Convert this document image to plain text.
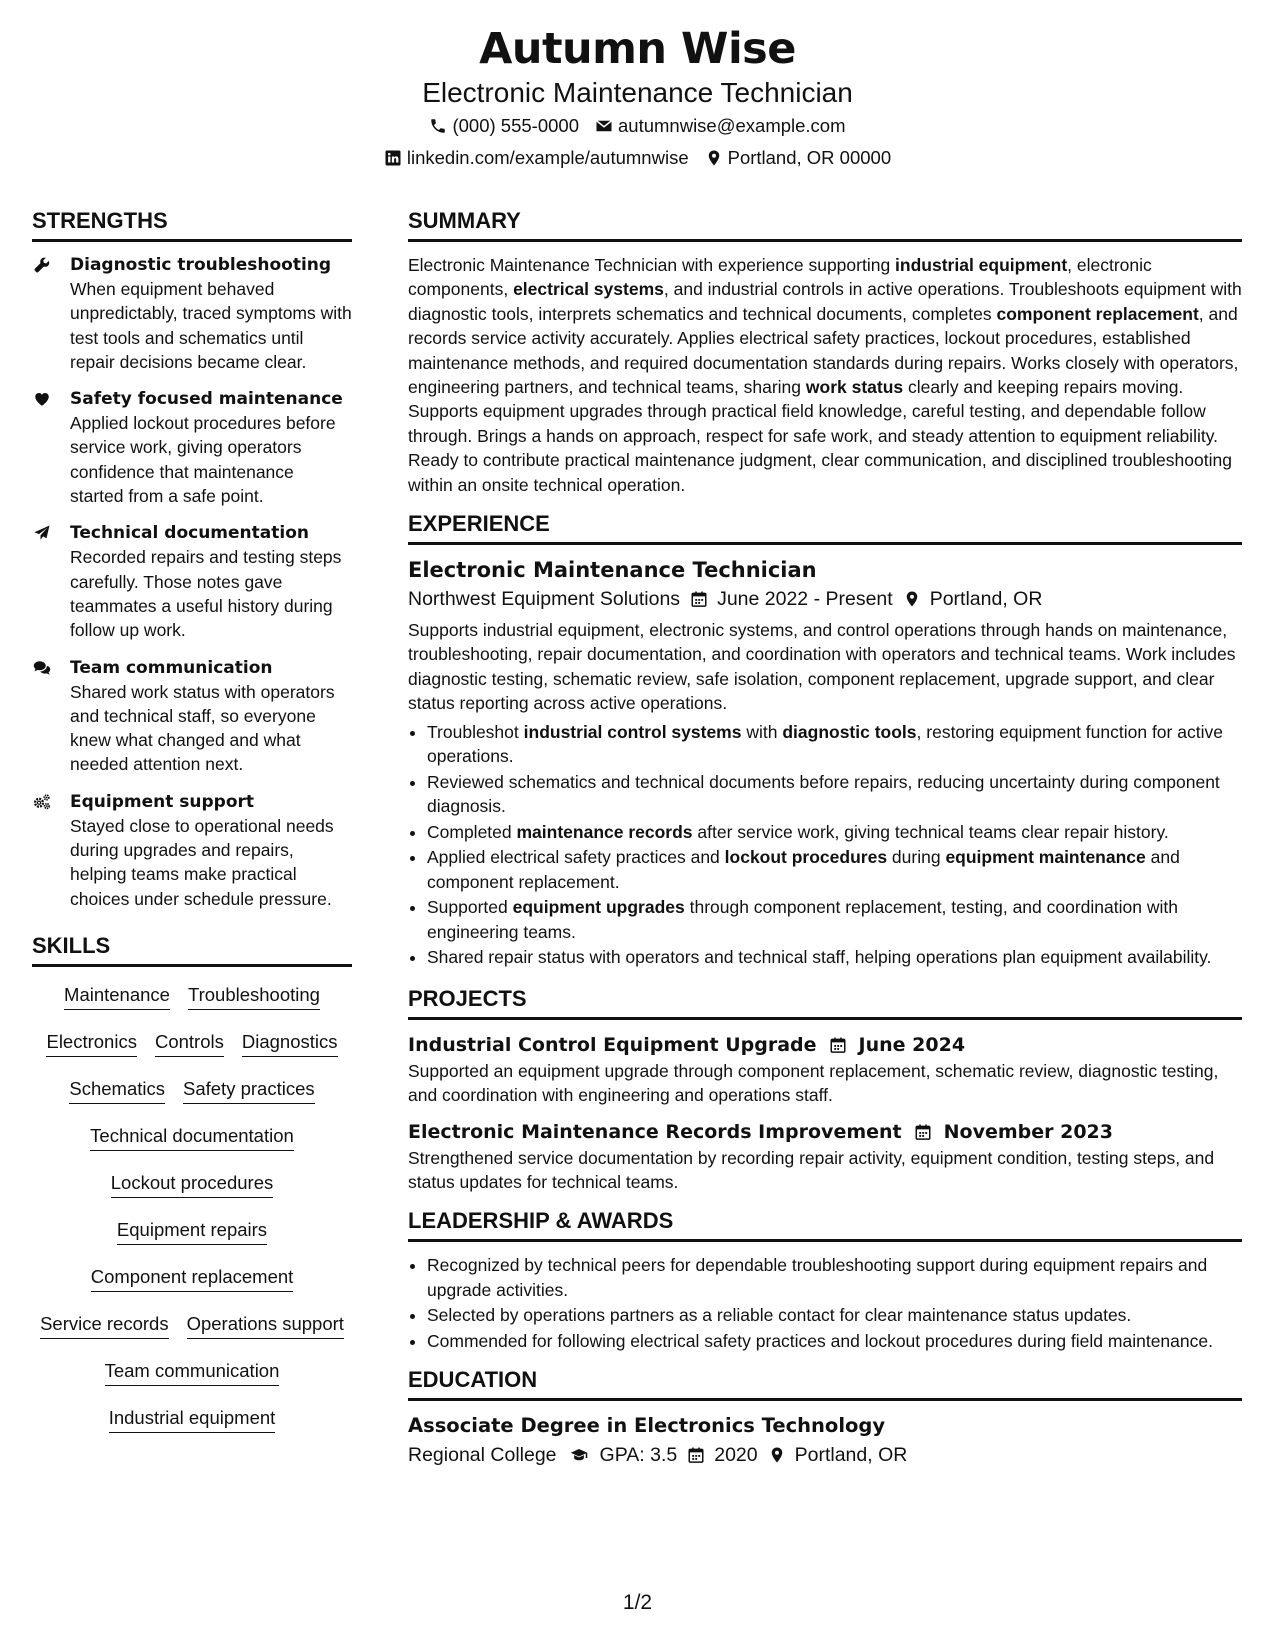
Autumn Wise
Electronic Maintenance Technician
(000) 555-0000 autumnwise@example.com
linkedin.com/example/autumnwise Portland, OR 00000
STRENGTHS
Diagnostic troubleshooting
When equipment behaved unpredictably, traced symptoms with test tools and schematics until repair decisions became clear.
Safety focused maintenance
Applied lockout procedures before service work, giving operators confidence that maintenance started from a safe point.
Technical documentation
Recorded repairs and testing steps carefully. Those notes gave teammates a useful history during follow up work.
Team communication
Shared work status with operators and technical staff, so everyone knew what changed and what needed attention next.
Equipment support
Stayed close to operational needs during upgrades and repairs, helping teams make practical choices under schedule pressure.
SKILLS
Maintenance Troubleshooting
Electronics Controls Diagnostics
Schematics Safety practices
Technical documentation
Lockout procedures
Equipment repairs
Component replacement
Service records Operations support
Team communication
Industrial equipment
SUMMARY
Electronic Maintenance Technician with experience supporting industrial equipment, electronic components, electrical systems, and industrial controls in active operations. Troubleshoots equipment with diagnostic tools, interprets schematics and technical documents, completes component replacement, and records service activity accurately. Applies electrical safety practices, lockout procedures, established maintenance methods, and required documentation standards during repairs. Works closely with operators, engineering partners, and technical teams, sharing work status clearly and keeping repairs moving. Supports equipment upgrades through practical field knowledge, careful testing, and dependable follow through. Brings a hands on approach, respect for safe work, and steady attention to equipment reliability. Ready to contribute practical maintenance judgment, clear communication, and disciplined troubleshooting within an onsite technical operation.
EXPERIENCE
Electronic Maintenance Technician
Northwest Equipment Solutions June 2022 - Present Portland, OR
Supports industrial equipment, electronic systems, and control operations through hands on maintenance, troubleshooting, repair documentation, and coordination with operators and technical teams. Work includes diagnostic testing, schematic review, safe isolation, component replacement, upgrade support, and clear status reporting across active operations.
• Troubleshot industrial control systems with diagnostic tools, restoring equipment function for active operations.
• Reviewed schematics and technical documents before repairs, reducing uncertainty during component diagnosis.
• Completed maintenance records after service work, giving technical teams clear repair history.
• Applied electrical safety practices and lockout procedures during equipment maintenance and component replacement.
• Supported equipment upgrades through component replacement, testing, and coordination with engineering teams.
• Shared repair status with operators and technical staff, helping operations plan equipment availability.
PROJECTS
Industrial Control Equipment Upgrade June 2024
Supported an equipment upgrade through component replacement, schematic review, diagnostic testing, and coordination with engineering and operations staff.
Electronic Maintenance Records Improvement November 2023
Strengthened service documentation by recording repair activity, equipment condition, testing steps, and status updates for technical teams.
LEADERSHIP & AWARDS
• Recognized by technical peers for dependable troubleshooting support during equipment repairs and upgrade activities.
• Selected by operations partners as a reliable contact for clear maintenance status updates.
• Commended for following electrical safety practices and lockout procedures during field maintenance.
EDUCATION
Associate Degree in Electronics Technology
Regional College GPA: 3.5 2020 Portland, OR
1/2
